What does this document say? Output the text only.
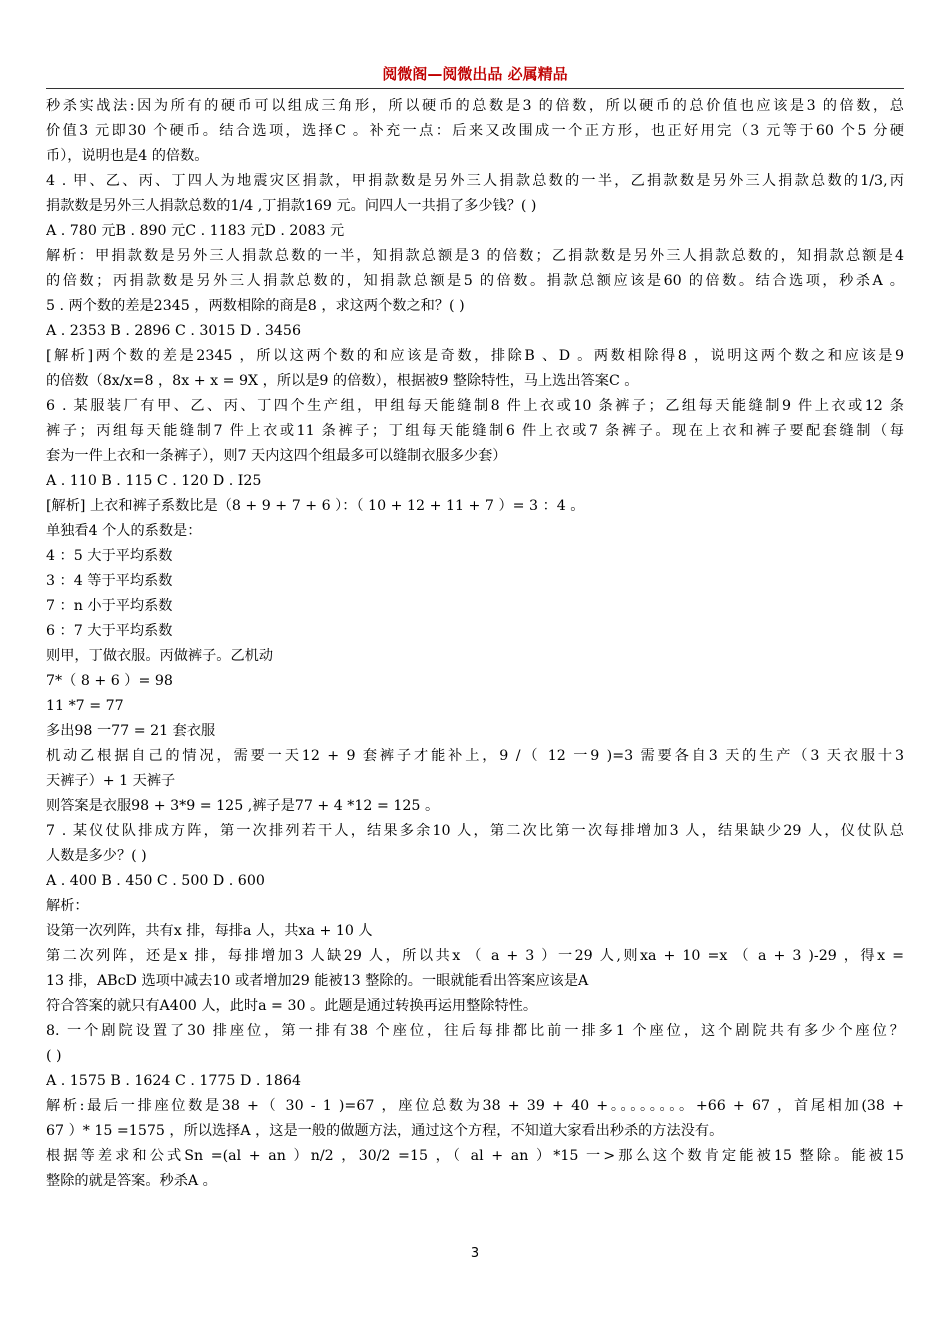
阅微阁—阅微出品 必属精品

秒杀实战法:因为所有的硬币可以组成三角形，所以硬币的总数是3 的倍数，所以硬币的总价值也应该是3 的倍数，总

价值3 元即30 个硬币。结合选项，选择C 。补充一点：后来又改围成一个正方形，也正好用完（3 元等于60 个5 分硬

币），说明也是4 的倍数。

4 . 甲、乙、丙、丁四人为地震灾区捐款，甲捐款数是另外三人捐款总数的一半，乙捐款数是另外三人捐款总数的1/3,丙

捐款数是另外三人捐款总数的1/4 ,丁捐款169 元。问四人一共捐了多少钱？( )

A . 780 元B . 890 元C . 1183 元D . 2083 元

解析：甲捐款数是另外三人捐款总数的一半，知捐款总额是3 的倍数；乙捐款数是另外三人捐款总数的，知捐款总额是4

的倍数；丙捐款数是另外三人捐款总数的，知捐款总额是5 的倍数。捐款总额应该是60 的倍数。结合选项，秒杀A 。

5 . 两个数的差是2345 ，两数相除的商是8 ，求这两个数之和？( )

A . 2353 B . 2896 C . 3015 D . 3456

[解析]两个数的差是2345 ，所以这两个数的和应该是奇数，排除B 、D 。两数相除得8 ，说明这两个数之和应该是9

的倍数（8x/x=8 ，8x + x = 9X ，所以是9 的倍数），根据被9 整除特性，马上选出答案C 。

6 . 某服装厂有甲、乙、丙、丁四个生产组，甲组每天能缝制8 件上衣或10 条裤子；乙组每天能缝制9 件上衣或12 条

裤子；丙组每天能缝制7 件上衣或11 条裤子；丁组每天能缝制6 件上衣或7 条裤子。现在上衣和裤子要配套缝制（每

套为一件上衣和一条裤子），则7 天内这四个组最多可以缝制衣服多少套）

A . 110 B . 115 C . 120 D . I25

[解析] 上衣和裤子系数比是（8 + 9 + 7 + 6 ）：（ 10 + 12 + 11 + 7 ）= 3 ：4 。

单独看4 个人的系数是：

4 ：5 大于平均系数

3 ：4 等于平均系数

7 ：n 小于平均系数

6 ：7 大于平均系数

则甲，丁做衣服。丙做裤子。乙机动

7*（ 8 + 6 ）= 98

11 *7 = 77

多出98 一77 = 21 套衣服

机动乙根据自己的情况，需要一天12 + 9 套裤子才能补上，9 /（ 12 一9 )=3 需要各自3 天的生产（3 天衣服十3

天裤子）+ 1 天裤子

则答案是衣服98 + 3*9 = 125 ,裤子是77 + 4 *12 = 125 。

7 . 某仪仗队排成方阵，第一次排列若干人，结果多余10 人，第二次比第一次每排增加3 人，结果缺少29 人，仪仗队总

人数是多少？( )

A . 400 B . 450 C . 500 D . 600

解析：

设第一次列阵，共有x 排，每排a 人，共xa + 10 人

第二次列阵，还是x 排，每排增加3 人缺29 人，所以共x （ a + 3 ）一29 人,则xa + 10 =x （ a + 3 )-29 ，得x =

13 排，ABcD 选项中减去10 或者增加29 能被13 整除的。一眼就能看出答案应该是A

符合答案的就只有A400 人，此时a = 30 。此题是通过转换再运用整除特性。

8. 一个剧院设置了30 排座位，第一排有38 个座位，往后每排都比前一排多1 个座位，这个剧院共有多少个座位？

( )

A . 1575 B . 1624 C . 1775 D . 1864

解析:最后一排座位数是38 +（ 30 - 1 )=67 ，座位总数为38 + 39 + 40 +。。。。。。。。+66 + 67 ，首尾相加(38 +

67 ）* 15 =1575 ，所以选择A ，这是一般的做题方法，通过这个方程，不知道大家看出秒杀的方法没有。

根据等差求和公式Sn =(al + an ）n/2 ，30/2 =15 ，（ al + an ）*15 一>那么这个数肯定能被15 整除。能被15

整除的就是答案。秒杀A 。

3
